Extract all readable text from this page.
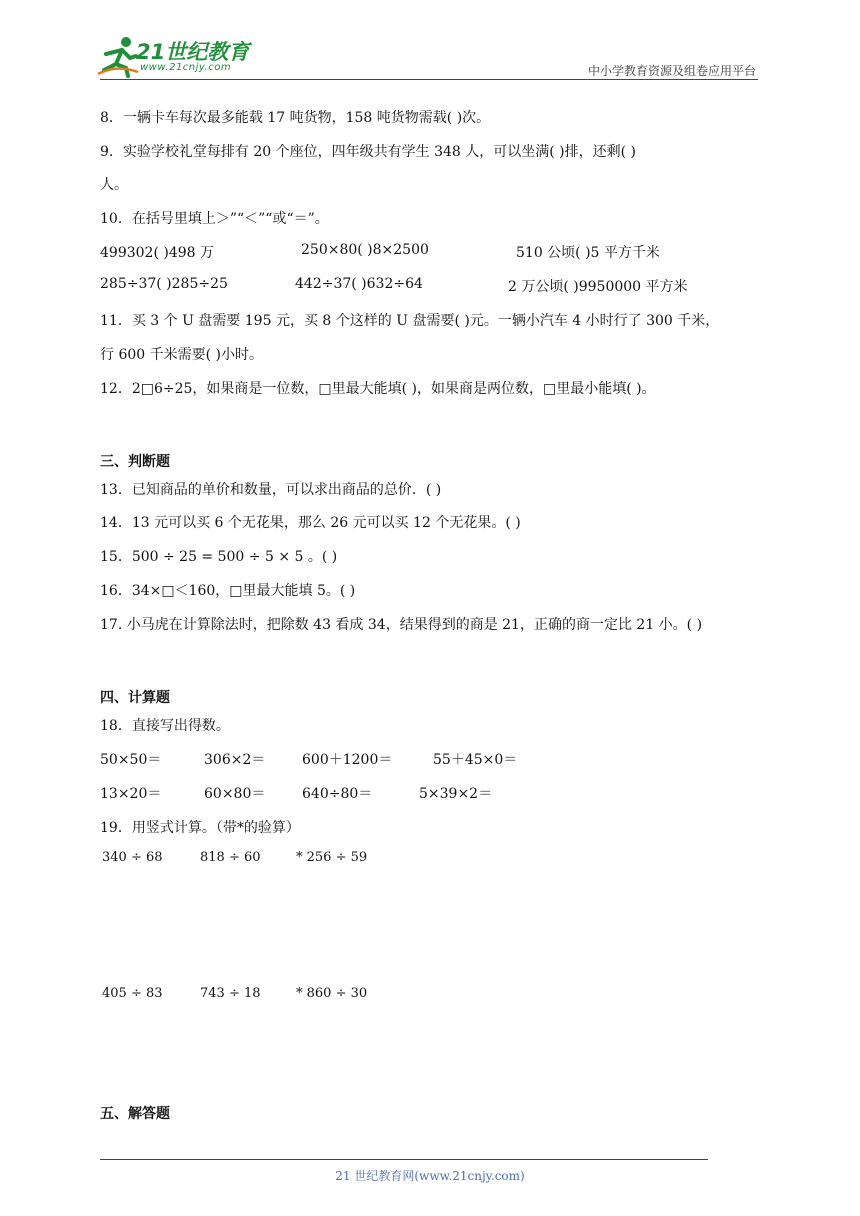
21世纪教育
www.21cnjy.com	中小学教育资源及组卷应用平台
8．一辆卡车每次最多能载 17 吨货物，158 吨货物需载( )次。
9．实验学校礼堂每排有 20 个座位，四年级共有学生 348 人，可以坐满( )排，还剩( )
人。
10．在括号里填上＞”“＜”“或“＝”。
499302( )498 万	250×80( )8×2500	510 公顷( )5 平方千米
285÷37( )285÷25	442÷37( )632÷64	2 万公顷( )9950000 平方米
11．买 3 个 U 盘需要 195 元，买 8 个这样的 U 盘需要( )元。一辆小汽车 4 小时行了 300 千米，
行 600 千米需要( )小时。
12．2□6÷25，如果商是一位数，□里最大能填( )，如果商是两位数，□里最小能填( )。
三、判断题
13．已知商品的单价和数量，可以求出商品的总价．( )
14．13 元可以买 6 个无花果，那么 26 元可以买 12 个无花果。( )
15．500 ÷ 25 = 500 ÷ 5 × 5 。( )
16．34×□＜160，□里最大能填 5。( )
17. 小马虎在计算除法时，把除数 43 看成 34，结果得到的商是 21，正确的商一定比 21 小。( )
四、计算题
18．直接写出得数。
50×50＝	306×2＝	600＋1200＝	55＋45×0＝
13×20＝	60×80＝	640÷80＝	5×39×2＝
19．用竖式计算。（带*的验算）
340 ÷ 68	818 ÷ 60	* 256 ÷ 59
405 ÷ 83	743 ÷ 18	* 860 ÷ 30
五、解答题
21 世纪教育网(www.21cnjy.com)
